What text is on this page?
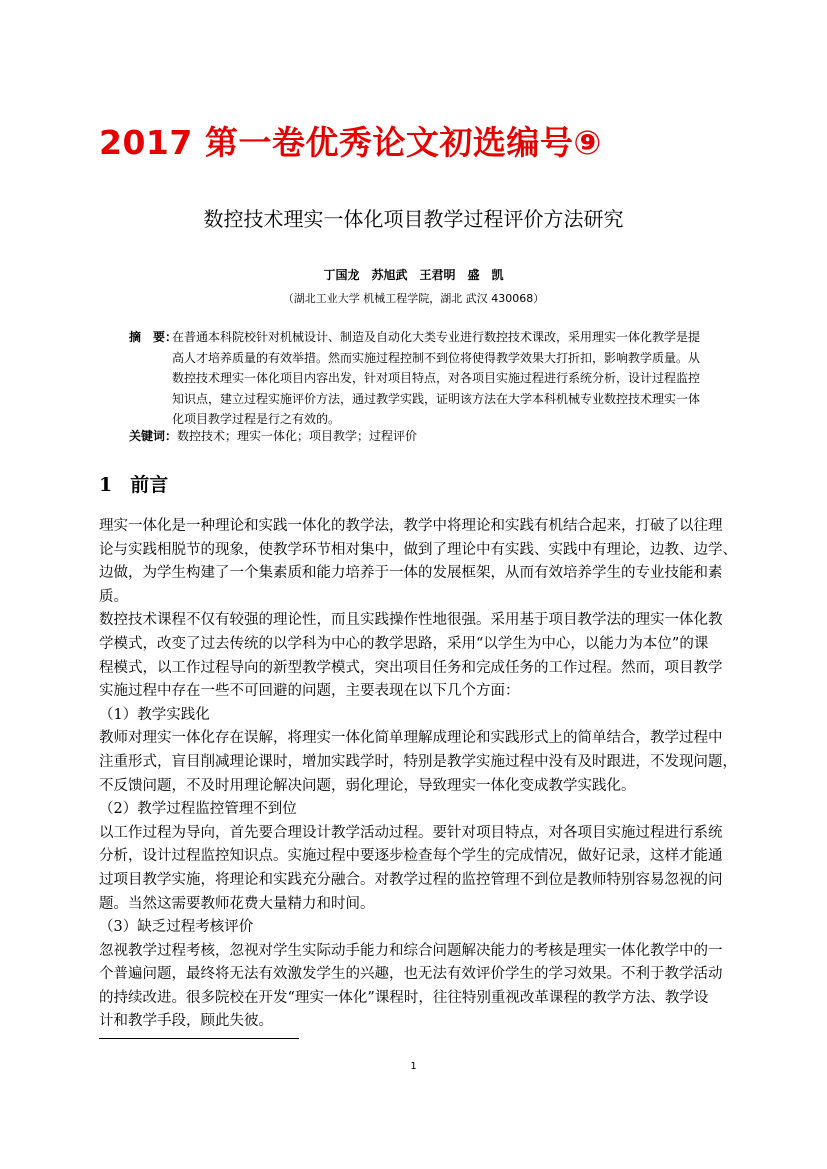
2017 第一卷优秀论文初选编号⑨
数控技术理实一体化项目教学过程评价方法研究
丁国龙　苏旭武　王君明　盛　凯
（湖北工业大学 机械工程学院，湖北 武汉 430068）
摘　要：
在普通本科院校针对机械设计、制造及自动化大类专业进行数控技术课改，采用理实一体化教学是提
高人才培养质量的有效举措。然而实施过程控制不到位将使得教学效果大打折扣，影响教学质量。从
数控技术理实一体化项目内容出发，针对项目特点，对各项目实施过程进行系统分析，设计过程监控
知识点，建立过程实施评价方法，通过教学实践，证明该方法在大学本科机械专业数控技术理实一体
化项目教学过程是行之有效的。
关键词：数控技术；理实一体化；项目教学；过程评价
1 前言
理实一体化是一种理论和实践一体化的教学法，教学中将理论和实践有机结合起来，打破了以往理
论与实践相脱节的现象，使教学环节相对集中，做到了理论中有实践、实践中有理论，边教、边学、
边做，为学生构建了一个集素质和能力培养于一体的发展框架，从而有效培养学生的专业技能和素
质。
数控技术课程不仅有较强的理论性，而且实践操作性地很强。采用基于项目教学法的理实一体化教
学模式，改变了过去传统的以学科为中心的教学思路，采用“以学生为中心，以能力为本位”的课
程模式，以工作过程导向的新型教学模式，突出项目任务和完成任务的工作过程。然而，项目教学
实施过程中存在一些不可回避的问题，主要表现在以下几个方面：
（1）教学实践化
教师对理实一体化存在误解，将理实一体化简单理解成理论和实践形式上的简单结合，教学过程中
注重形式，盲目削减理论课时，增加实践学时，特别是教学实施过程中没有及时跟进，不发现问题，
不反馈问题，不及时用理论解决问题，弱化理论，导致理实一体化变成教学实践化。
（2）教学过程监控管理不到位
以工作过程为导向，首先要合理设计教学活动过程。要针对项目特点，对各项目实施过程进行系统
分析，设计过程监控知识点。实施过程中要逐步检查每个学生的完成情况，做好记录，这样才能通
过项目教学实施，将理论和实践充分融合。对教学过程的监控管理不到位是教师特别容易忽视的问
题。当然这需要教师花费大量精力和时间。
（3）缺乏过程考核评价
忽视教学过程考核，忽视对学生实际动手能力和综合问题解决能力的考核是理实一体化教学中的一
个普遍问题，最终将无法有效激发学生的兴趣，也无法有效评价学生的学习效果。不利于教学活动
的持续改进。很多院校在开发“理实一体化”课程时，往往特别重视改革课程的教学方法、教学设
计和教学手段，顾此失彼。
1
